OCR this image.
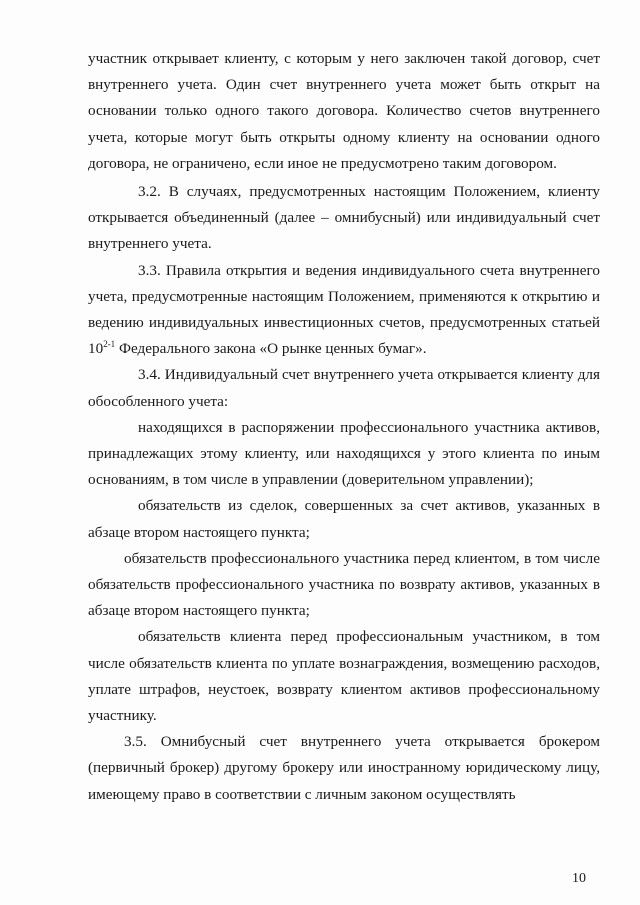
участник открывает клиенту, с которым у него заключен такой договор, счет внутреннего учета. Один счет внутреннего учета может быть открыт на основании только одного такого договора. Количество счетов внутреннего учета, которые могут быть открыты одному клиенту на основании одного договора, не ограничено, если иное не предусмотрено таким договором.

3.2. В случаях, предусмотренных настоящим Положением, клиенту открывается объединенный (далее – омнибусный) или индивидуальный счет внутреннего учета.

3.3. Правила открытия и ведения индивидуального счета внутреннего учета, предусмотренные настоящим Положением, применяются к открытию и ведению индивидуальных инвестиционных счетов, предусмотренных статьей 10$^{2-1}$ Федерального закона «О рынке ценных бумаг».

3.4. Индивидуальный счет внутреннего учета открывается клиенту для обособленного учета:

находящихся в распоряжении профессионального участника активов, принадлежащих этому клиенту, или находящихся у этого клиента по иным основаниям, в том числе в управлении (доверительном управлении);

обязательств из сделок, совершенных за счет активов, указанных в абзаце втором настоящего пункта;

обязательств профессионального участника перед клиентом, в том числе обязательств профессионального участника по возврату активов, указанных в абзаце втором настоящего пункта;

обязательств клиента перед профессиональным участником, в том числе обязательств клиента по уплате вознаграждения, возмещению расходов, уплате штрафов, неустоек, возврату клиентом активов профессиональному участнику.

3.5. Омнибусный счет внутреннего учета открывается брокером (первичный брокер) другому брокеру или иностранному юридическому лицу, имеющему право в соответствии с личным законом осуществлять

10
